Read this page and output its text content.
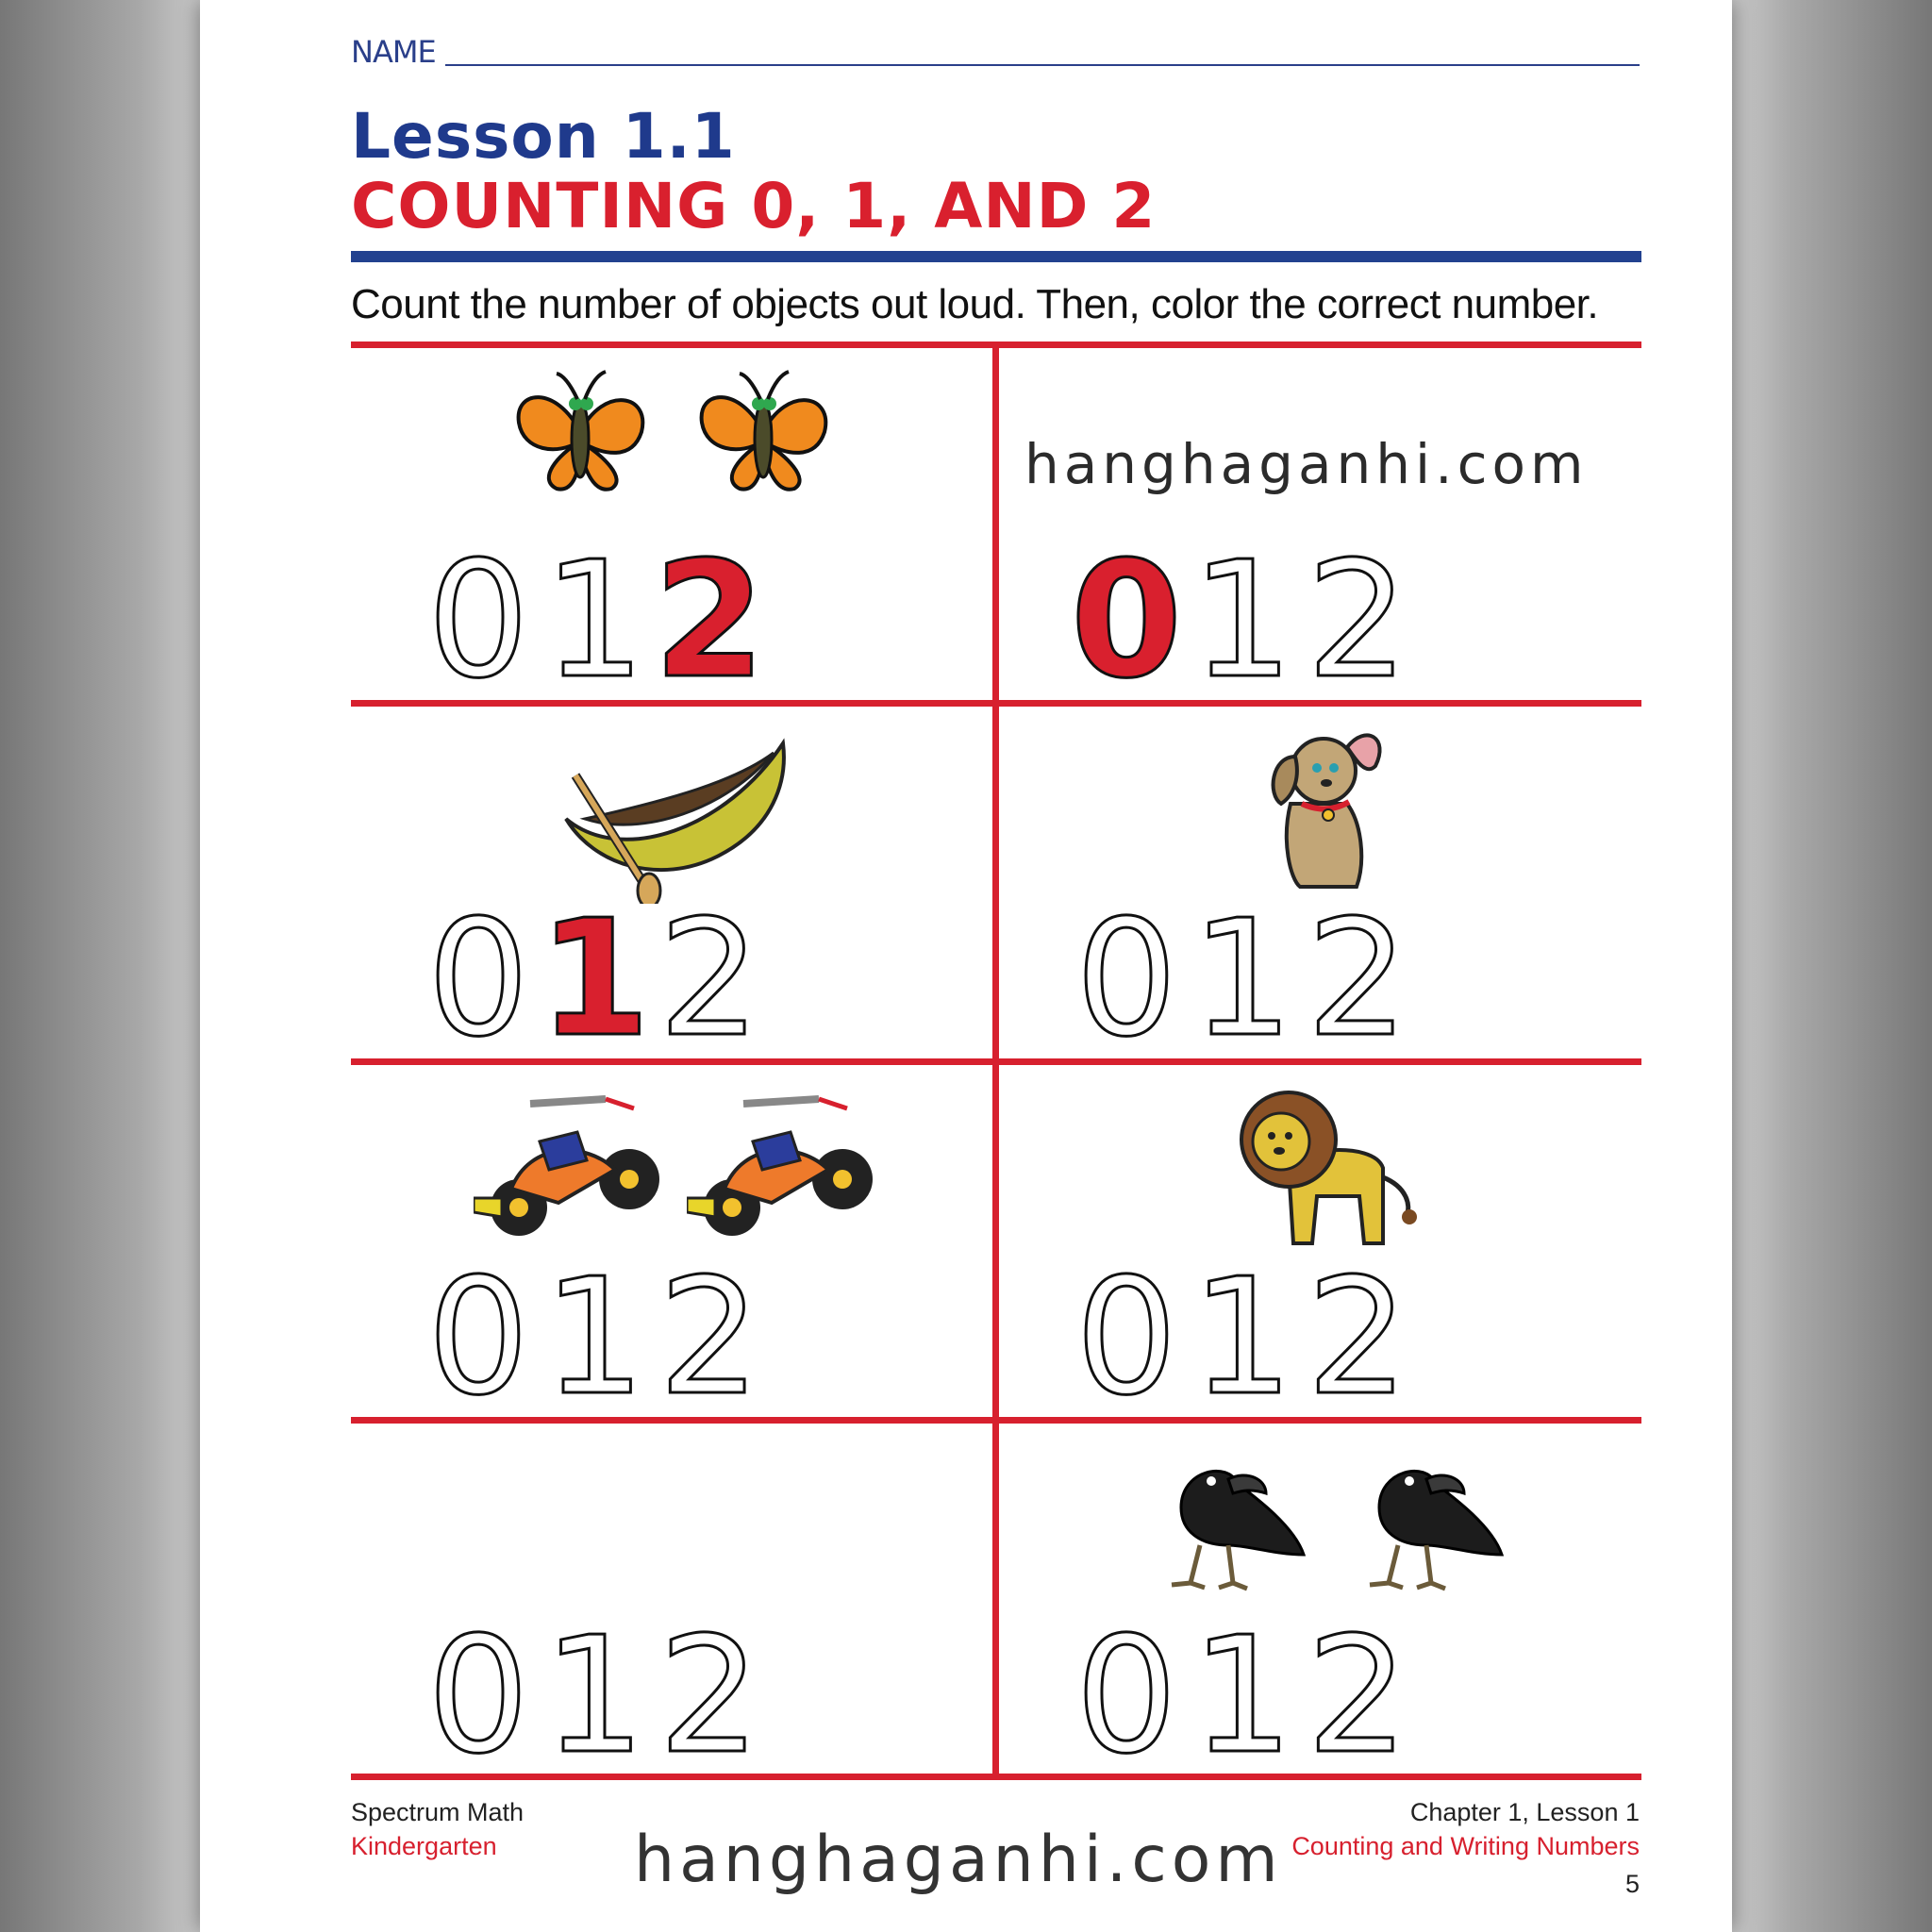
NAME
Lesson 1.1
COUNTING 0, 1, AND 2
Count the number of objects out loud. Then, color the correct number.
0 1 2 0 1 2
0 1 2 0 1 2
0 1 2 0 1 2
0 1 2 0 1 2
hanghaganhi.com
Spectrum Math
Kindergarten
Chapter 1, Lesson 1
Counting and Writing Numbers
5
hanghaganhi.com
